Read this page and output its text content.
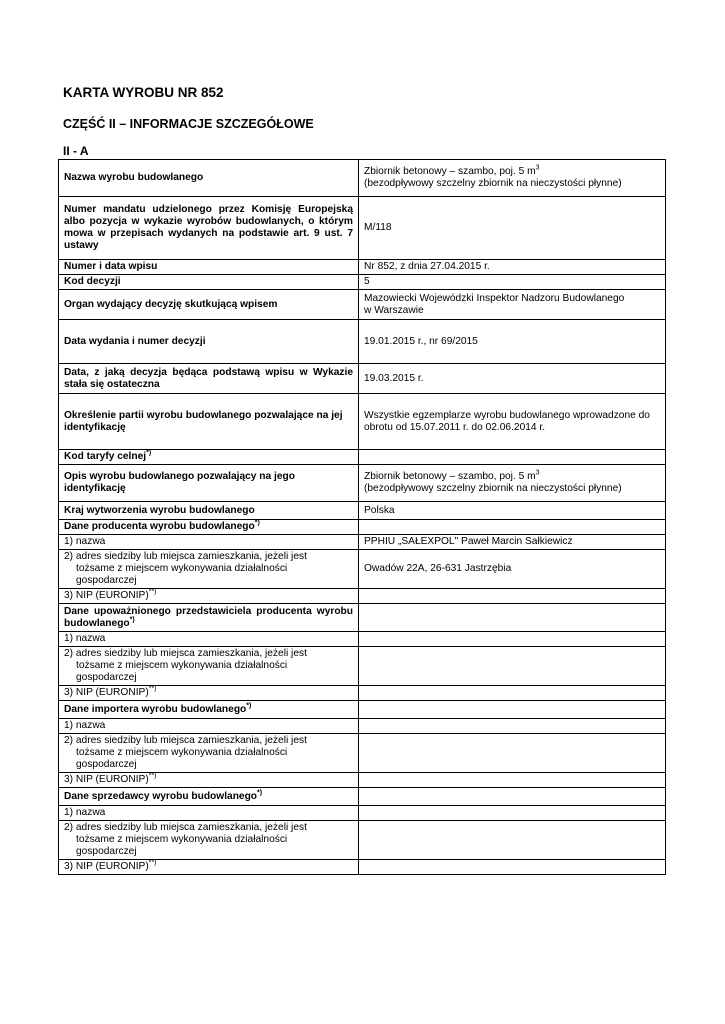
KARTA WYROBU NR 852
CZĘŚĆ II – INFORMACJE SZCZEGÓŁOWE
II - A
Nazwa wyrobu budowlanego	Zbiornik betonowy – szambo, poj. 5 $m^3$
(bezodpływowy szczelny zbiornik na nieczystości płynne)
Numer mandatu udzielonego przez Komisję Europejską albo pozycja w wykazie wyrobów budowlanych, o którym mowa w przepisach wydanych na podstawie art. 9 ust. 7 ustawy	M/118
Numer i data wpisu	Nr 852, z dnia 27.04.2015 r.
Kod decyzji	5
Organ wydający decyzję skutkującą wpisem	Mazowiecki Wojewódzki Inspektor Nadzoru Budowlanego
w Warszawie
Data wydania i numer decyzji	19.01.2015 r., nr 69/2015
Data, z jaką decyzja będąca podstawą wpisu w Wykazie stała się ostateczna	19.03.2015 r.
Określenie partii wyrobu budowlanego pozwalające na jej identyfikację	Wszystkie egzemplarze wyrobu budowlanego wprowadzone do obrotu od 15.07.2011 r. do 02.06.2014 r.
Kod taryfy celnej*)	
Opis wyrobu budowlanego pozwalający na jego identyfikację	Zbiornik betonowy – szambo, poj. 5 $m^3$
(bezodpływowy szczelny zbiornik na nieczystości płynne)
Kraj wytworzenia wyrobu budowlanego	Polska
Dane producenta wyrobu budowlanego*)	
1) nazwa	PPHIU „SAŁEXPOL" Paweł Marcin Sałkiewicz
2) adres siedziby lub miejsca zamieszkania, jeżeli jest
tożsame z miejscem wykonywania działalności
gospodarczej	Owadów 22A, 26-631 Jastrzębia
3) NIP (EURONIP)**)	
Dane upoważnionego przedstawiciela producenta wyrobu budowlanego*)	
1) nazwa	
2) adres siedziby lub miejsca zamieszkania, jeżeli jest
tożsame z miejscem wykonywania działalności
gospodarczej	

3) NIP (EURONIP)**)	
Dane importera wyrobu budowlanego*)	
1) nazwa	
2) adres siedziby lub miejsca zamieszkania, jeżeli jest
tożsame z miejscem wykonywania działalności
gospodarczej	

3) NIP (EURONIP)**)	
Dane sprzedawcy wyrobu budowlanego*)	
1) nazwa	
2) adres siedziby lub miejsca zamieszkania, jeżeli jest
tożsame z miejscem wykonywania działalności
gospodarczej	

3) NIP (EURONIP)**)	
